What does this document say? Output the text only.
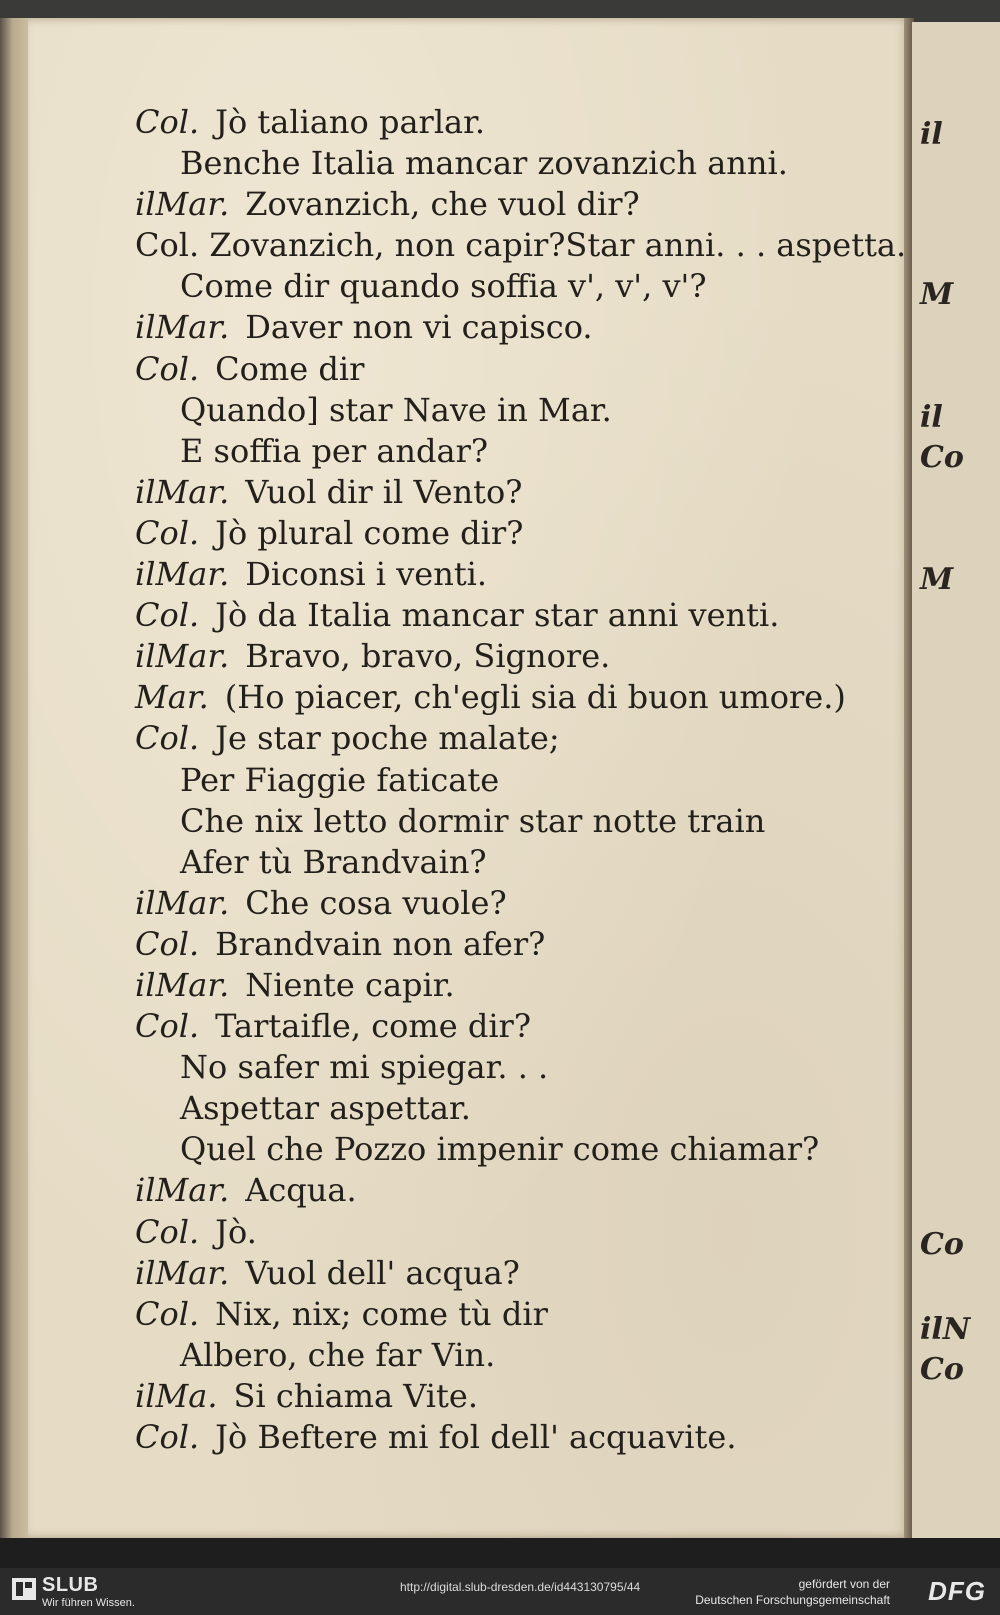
il
M
il
Co
M
Co
ilN
Co
Col. Jò taliano parlar.
Benche Italia mancar zovanzich anni.
ilMar. Zovanzich, che vuol dir?
Col. Zovanzich, non capir?Star anni. . . aspetta.
Come dir quando soffia v', v', v'?
ilMar. Daver non vi capisco.
Col. Come dir
Quando] star Nave in Mar.
E soffia per andar?
ilMar. Vuol dir il Vento?
Col. Jò plural come dir?
ilMar. Diconsi i venti.
Col. Jò da Italia mancar star anni venti.
ilMar. Bravo, bravo, Signore.
Mar. (Ho piacer, ch'egli sia di buon umore.)
Col. Je star poche malate;
Per Fiaggie faticate
Che nix letto dormir star notte train
Afer tù Brandvain?
ilMar. Che cosa vuole?
Col. Brandvain non afer?
ilMar. Niente capir.
Col. Tartaifle, come dir?
No safer mi spiegar. . .
Aspettar aspettar.
Quel che Pozzo impenir come chiamar?
ilMar. Acqua.
Col. Jò.
ilMar. Vuol dell' acqua?
Col. Nix, nix; come tù dir
Albero, che far Vin.
ilMa. Si chiama Vite.
Col. Jò Beftere mi fol dell' acquavite.
SLUB
Wir führen Wissen.
http://digital.slub-dresden.de/id443130795/44	gefördert von der
Deutschen Forschungsgemeinschaft DFG
